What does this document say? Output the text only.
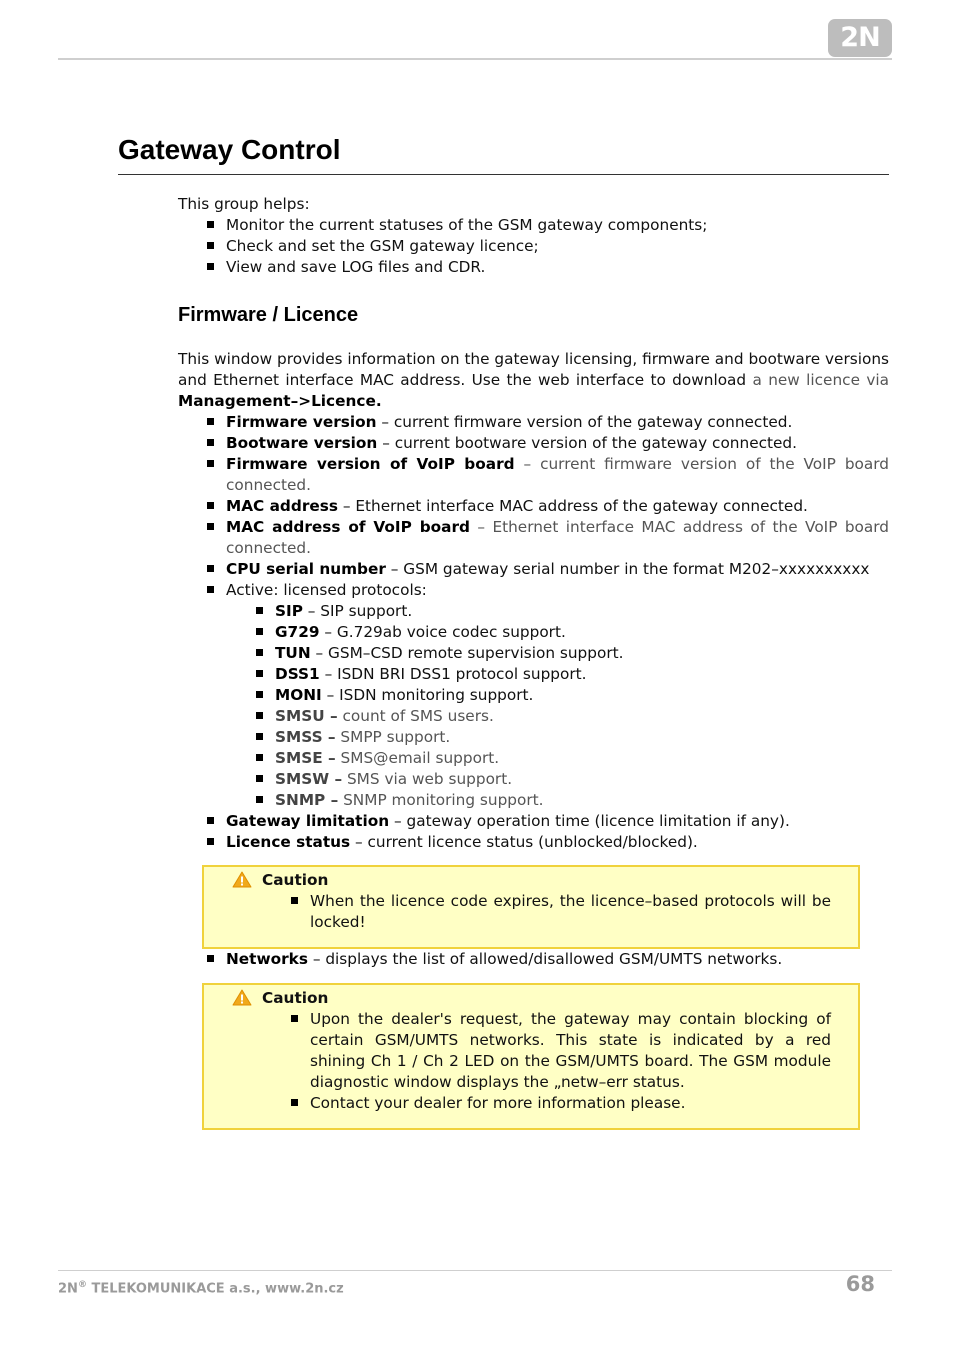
2N
Gateway Control

This group helps:

Monitor the current statuses of the GSM gateway components;
Check and set the GSM gateway licence;
View and save LOG files and CDR.
Firmware / Licence

This window provides information on the gateway licensing, firmware and bootware versions and Ethernet interface MAC address. Use the web interface to download a new licence via Management–>Licence.

Firmware version – current firmware version of the gateway connected.
Bootware version – current bootware version of the gateway connected.
Firmware version of VoIP board – current firmware version of the VoIP board connected.
MAC address – Ethernet interface MAC address of the gateway connected.
MAC address of VoIP board – Ethernet interface MAC address of the VoIP board connected.
CPU serial number – GSM gateway serial number in the format M202–xxxxxxxxxx
Active: licensed protocols:
SIP – SIP support.
G729 – G.729ab voice codec support.
TUN – GSM–CSD remote supervision support.
DSS1 – ISDN BRI DSS1 protocol support.
MONI – ISDN monitoring support.
SMSU – count of SMS users.
SMSS – SMPP support.
SMSE – SMS@email support.
SMSW – SMS via web support.
SNMP – SNMP monitoring support.
Gateway limitation – gateway operation time (licence limitation if any).
Licence status – current licence status (unblocked/blocked).
Caution
When the licence code expires, the licence–based protocols will be locked!
Networks – displays the list of allowed/disallowed GSM/UMTS networks.
Caution
Upon the dealer's request, the gateway may contain blocking of certain GSM/UMTS networks. This state is indicated by a red shining Ch 1 / Ch 2 LED on the GSM/UMTS board. The GSM module diagnostic window displays the „netw–err status.
Contact your dealer for more information please.
2N® TELEKOMUNIKACE a.s., www.2n.cz	68
